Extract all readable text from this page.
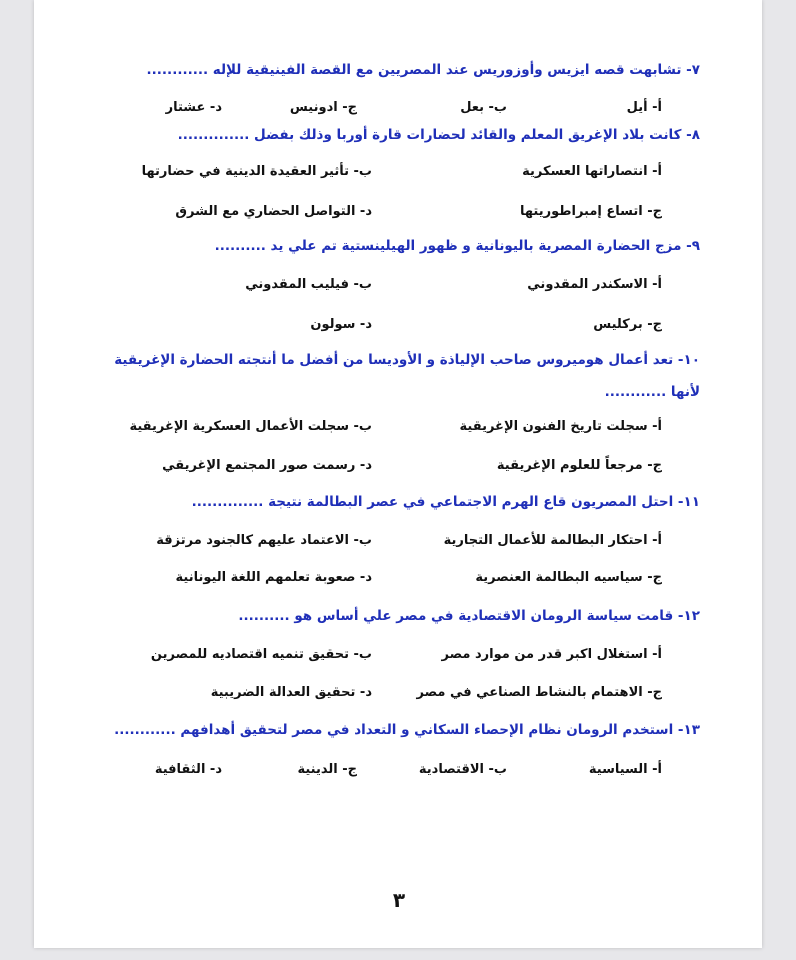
٧- تشابهت قصه ايزيس وأوزوريس عند المصريين مع القصة الفينيقية للإله ............
أ- أيل
ب- بعل
ج- ادونيس
د- عشتار
٨- كانت بلاد الإغريق المعلم والقائد لحضارات قارة أوربا وذلك بفضل ..............
أ- انتصاراتها العسكرية
ب- تأثير العقيدة الدينية في حضارتها
ج- اتساع إمبراطوريتها
د- التواصل الحضاري مع الشرق
٩- مزج الحضارة المصرية باليونانية و ظهور الهيلينستية تم علي يد ..........
أ- الاسكندر المقدوني
ب- فيليب المقدوني
ج- بركليس
د- سولون
١٠- تعد أعمال هوميروس صاحب الإلياذة و الأوديسا من أفضل ما أنتجته الحضارة الإغريقية لأنها ............
أ- سجلت تاريخ الفنون الإغريقية
ب- سجلت الأعمال العسكرية الإغريقية
ج- مرجعاً للعلوم الإغريقية
د- رسمت صور المجتمع الإغريقي
١١- احتل المصريون قاع الهرم الاجتماعي في عصر البطالمة نتيجة ..............
أ- احتكار البطالمة للأعمال التجارية
ب- الاعتماد عليهم كالجنود مرتزقة
ج- سياسيه البطالمة العنصرية
د- صعوبة تعلمهم اللغة اليونانية
١٢- قامت سياسة الرومان الاقتصادية في مصر علي أساس هو ..........
أ- استغلال اكبر قدر من موارد مصر
ب- تحقيق تنميه اقتصاديه للمصرين
ج- الاهتمام بالنشاط الصناعي في مصر
د- تحقيق العدالة الضريبية
١٣- استخدم الرومان نظام الإحصاء السكاني و التعداد في مصر لتحقيق أهدافهم ............
أ- السياسية
ب- الاقتصادية
ج- الدينية
د- الثقافية
٣
